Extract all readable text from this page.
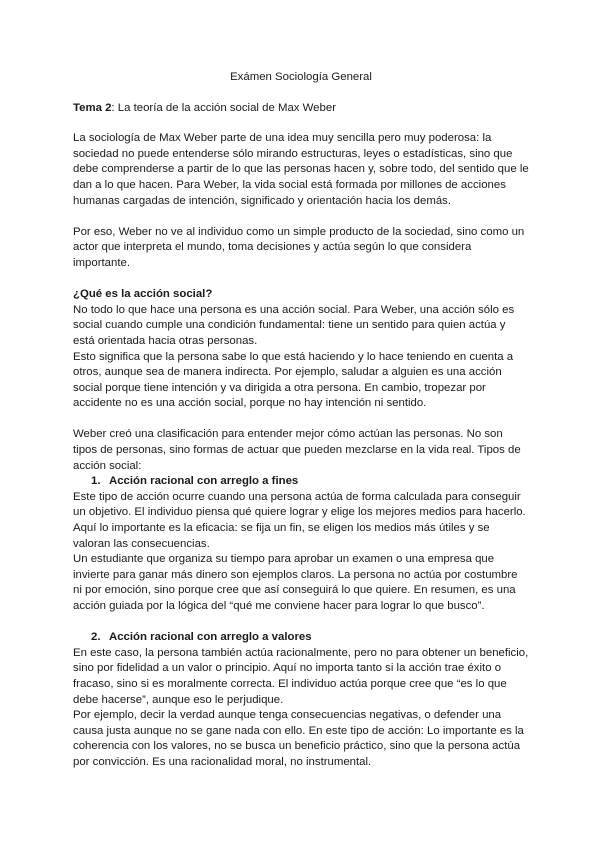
Exámen Sociología General

Tema 2: La teoría de la acción social de Max Weber

La sociología de Max Weber parte de una idea muy sencilla pero muy poderosa: la sociedad no puede entenderse sólo mirando estructuras, leyes o estadísticas, sino que debe comprenderse a partir de lo que las personas hacen y, sobre todo, del sentido que le dan a lo que hacen. Para Weber, la vida social está formada por millones de acciones humanas cargadas de intención, significado y orientación hacia los demás.

Por eso, Weber no ve al individuo como un simple producto de la sociedad, sino como un actor que interpreta el mundo, toma decisiones y actúa según lo que considera importante.

¿Qué es la acción social?

No todo lo que hace una persona es una acción social. Para Weber, una acción sólo es social cuando cumple una condición fundamental: tiene un sentido para quien actúa y está orientada hacia otras personas.

Esto significa que la persona sabe lo que está haciendo y lo hace teniendo en cuenta a otros, aunque sea de manera indirecta. Por ejemplo, saludar a alguien es una acción social porque tiene intención y va dirigida a otra persona. En cambio, tropezar por accidente no es una acción social, porque no hay intención ni sentido.

Weber creó una clasificación para entender mejor cómo actúan las personas. No son tipos de personas, sino formas de actuar que pueden mezclarse en la vida real. Tipos de acción social:

1. Acción racional con arreglo a fines

Este tipo de acción ocurre cuando una persona actúa de forma calculada para conseguir un objetivo. El individuo piensa qué quiere lograr y elige los mejores medios para hacerlo.

Aquí lo importante es la eficacia: se fija un fin, se eligen los medios más útiles y se valoran las consecuencias.

Un estudiante que organiza su tiempo para aprobar un examen o una empresa que invierte para ganar más dinero son ejemplos claros. La persona no actúa por costumbre ni por emoción, sino porque cree que así conseguirá lo que quiere. En resumen, es una acción guiada por la lógica del “qué me conviene hacer para lograr lo que busco”.

2. Acción racional con arreglo a valores

En este caso, la persona también actúa racionalmente, pero no para obtener un beneficio, sino por fidelidad a un valor o principio. Aquí no importa tanto si la acción trae éxito o fracaso, sino si es moralmente correcta. El individuo actúa porque cree que “es lo que debe hacerse”, aunque eso le perjudique.

Por ejemplo, decir la verdad aunque tenga consecuencias negativas, o defender una causa justa aunque no se gane nada con ello. En este tipo de acción: Lo importante es la coherencia con los valores, no se busca un beneficio práctico, sino que la persona actúa por convicción. Es una racionalidad moral, no instrumental.
